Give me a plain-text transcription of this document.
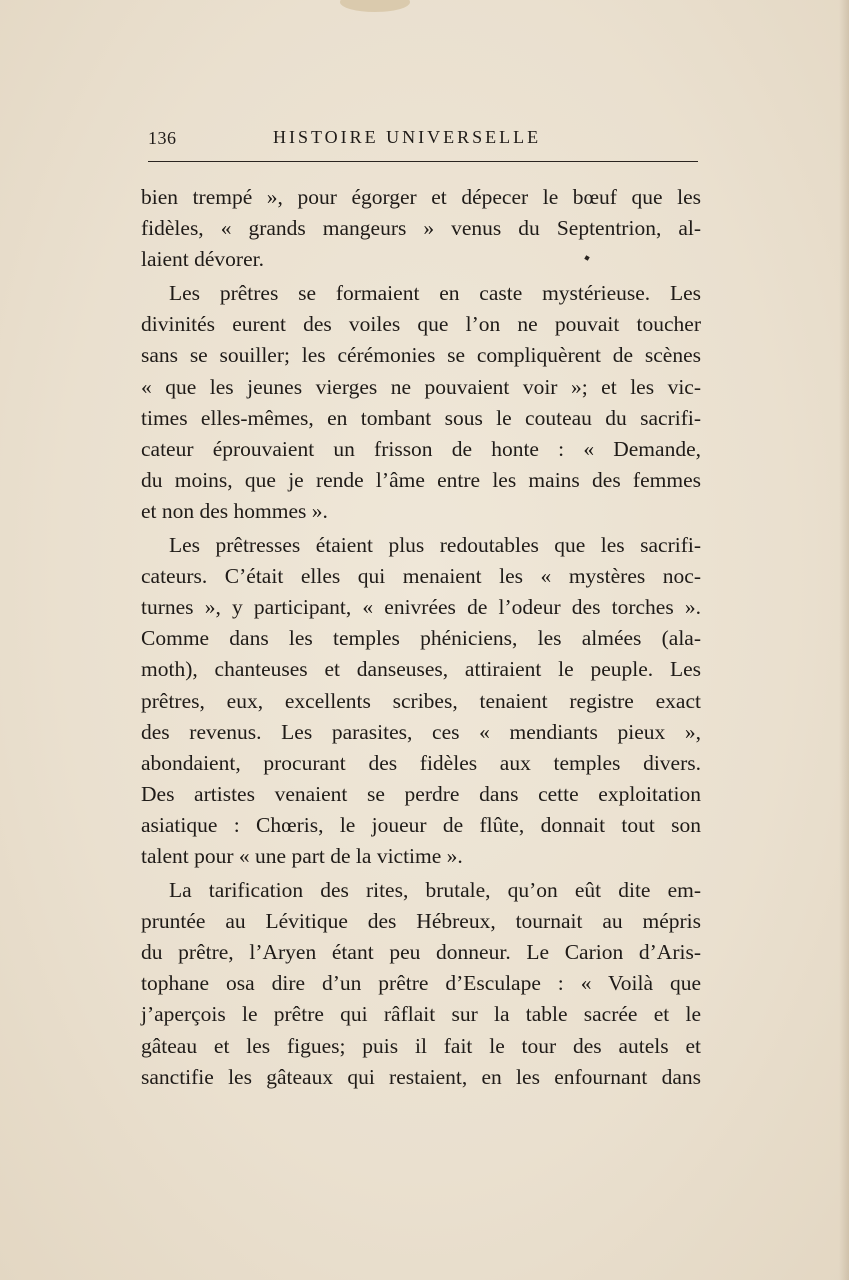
136	HISTOIRE UNIVERSELLE
bien trempé », pour égorger et dépecer le bœuf que les
fidèles, « grands mangeurs » venus du Septentrion, al-
laient dévorer.
Les prêtres se formaient en caste mystérieuse. Les
divinités eurent des voiles que l’on ne pouvait toucher
sans se souiller; les cérémonies se compliquèrent de scènes
« que les jeunes vierges ne pouvaient voir »; et les vic-
times elles-mêmes, en tombant sous le couteau du sacrifi-
cateur éprouvaient un frisson de honte : « Demande,
du moins, que je rende l’âme entre les mains des femmes
et non des hommes ».
Les prêtresses étaient plus redoutables que les sacrifi-
cateurs. C’était elles qui menaient les « mystères noc-
turnes », y participant, « enivrées de l’odeur des torches ».
Comme dans les temples phéniciens, les almées (ala-
moth), chanteuses et danseuses, attiraient le peuple. Les
prêtres, eux, excellents scribes, tenaient registre exact
des revenus. Les parasites, ces « mendiants pieux »,
abondaient, procurant des fidèles aux temples divers.
Des artistes venaient se perdre dans cette exploitation
asiatique : Chœris, le joueur de flûte, donnait tout son
talent pour « une part de la victime ».
La tarification des rites, brutale, qu’on eût dite em-
pruntée au Lévitique des Hébreux, tournait au mépris
du prêtre, l’Aryen étant peu donneur. Le Carion d’Aris-
tophane osa dire d’un prêtre d’Esculape : « Voilà que
j’aperçois le prêtre qui râflait sur la table sacrée et le
gâteau et les figues; puis il fait le tour des autels et
sanctifie les gâteaux qui restaient, en les enfournant dans
